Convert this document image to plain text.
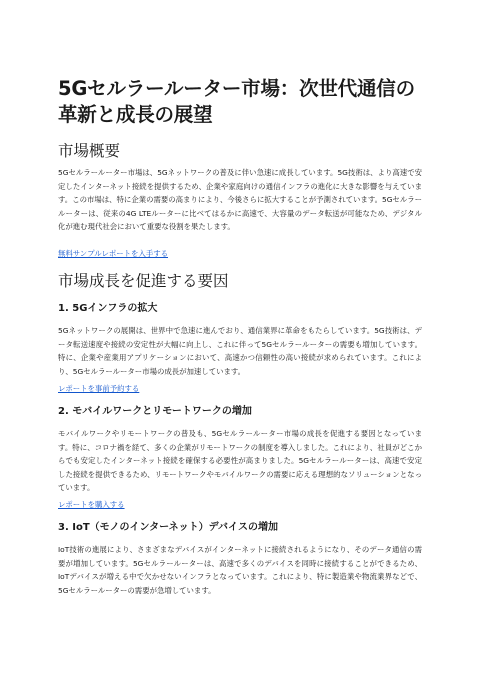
5Gセルラールーター市場：次世代通信の革新と成長の展望
市場概要

5Gセルラールーター市場は、5Gネットワークの普及に伴い急速に成長しています。5G技術は、より高速で安定したインターネット接続を提供するため、企業や家庭向けの通信インフラの進化に大きな影響を与えています。この市場は、特に企業の需要の高まりにより、今後さらに拡大することが予測されています。5Gセルラールーターは、従来の4G LTEルーターに比べてはるかに高速で、大容量のデータ転送が可能なため、デジタル化が進む現代社会において重要な役割を果たします。

無料サンプルレポートを入手する
市場成長を促進する要因
1. 5Gインフラの拡大

5Gネットワークの展開は、世界中で急速に進んでおり、通信業界に革命をもたらしています。5G技術は、データ転送速度や接続の安定性が大幅に向上し、これに伴って5Gセルラールーターの需要も増加しています。特に、企業や産業用アプリケーションにおいて、高速かつ信頼性の高い接続が求められています。これにより、5Gセルラールーター市場の成長が加速しています。

レポートを事前予約する
2. モバイルワークとリモートワークの増加

モバイルワークやリモートワークの普及も、5Gセルラールーター市場の成長を促進する要因となっています。特に、コロナ禍を経て、多くの企業がリモートワークの制度を導入しました。これにより、社員がどこからでも安定したインターネット接続を確保する必要性が高まりました。5Gセルラールーターは、高速で安定した接続を提供できるため、リモートワークやモバイルワークの需要に応える理想的なソリューションとなっています。

レポートを購入する
3. IoT（モノのインターネット）デバイスの増加

IoT技術の進展により、さまざまなデバイスがインターネットに接続されるようになり、そのデータ通信の需要が増加しています。5Gセルラールーターは、高速で多くのデバイスを同時に接続することができるため、IoTデバイスが増える中で欠かせないインフラとなっています。これにより、特に製造業や物流業界などで、5Gセルラールーターの需要が急増しています。
